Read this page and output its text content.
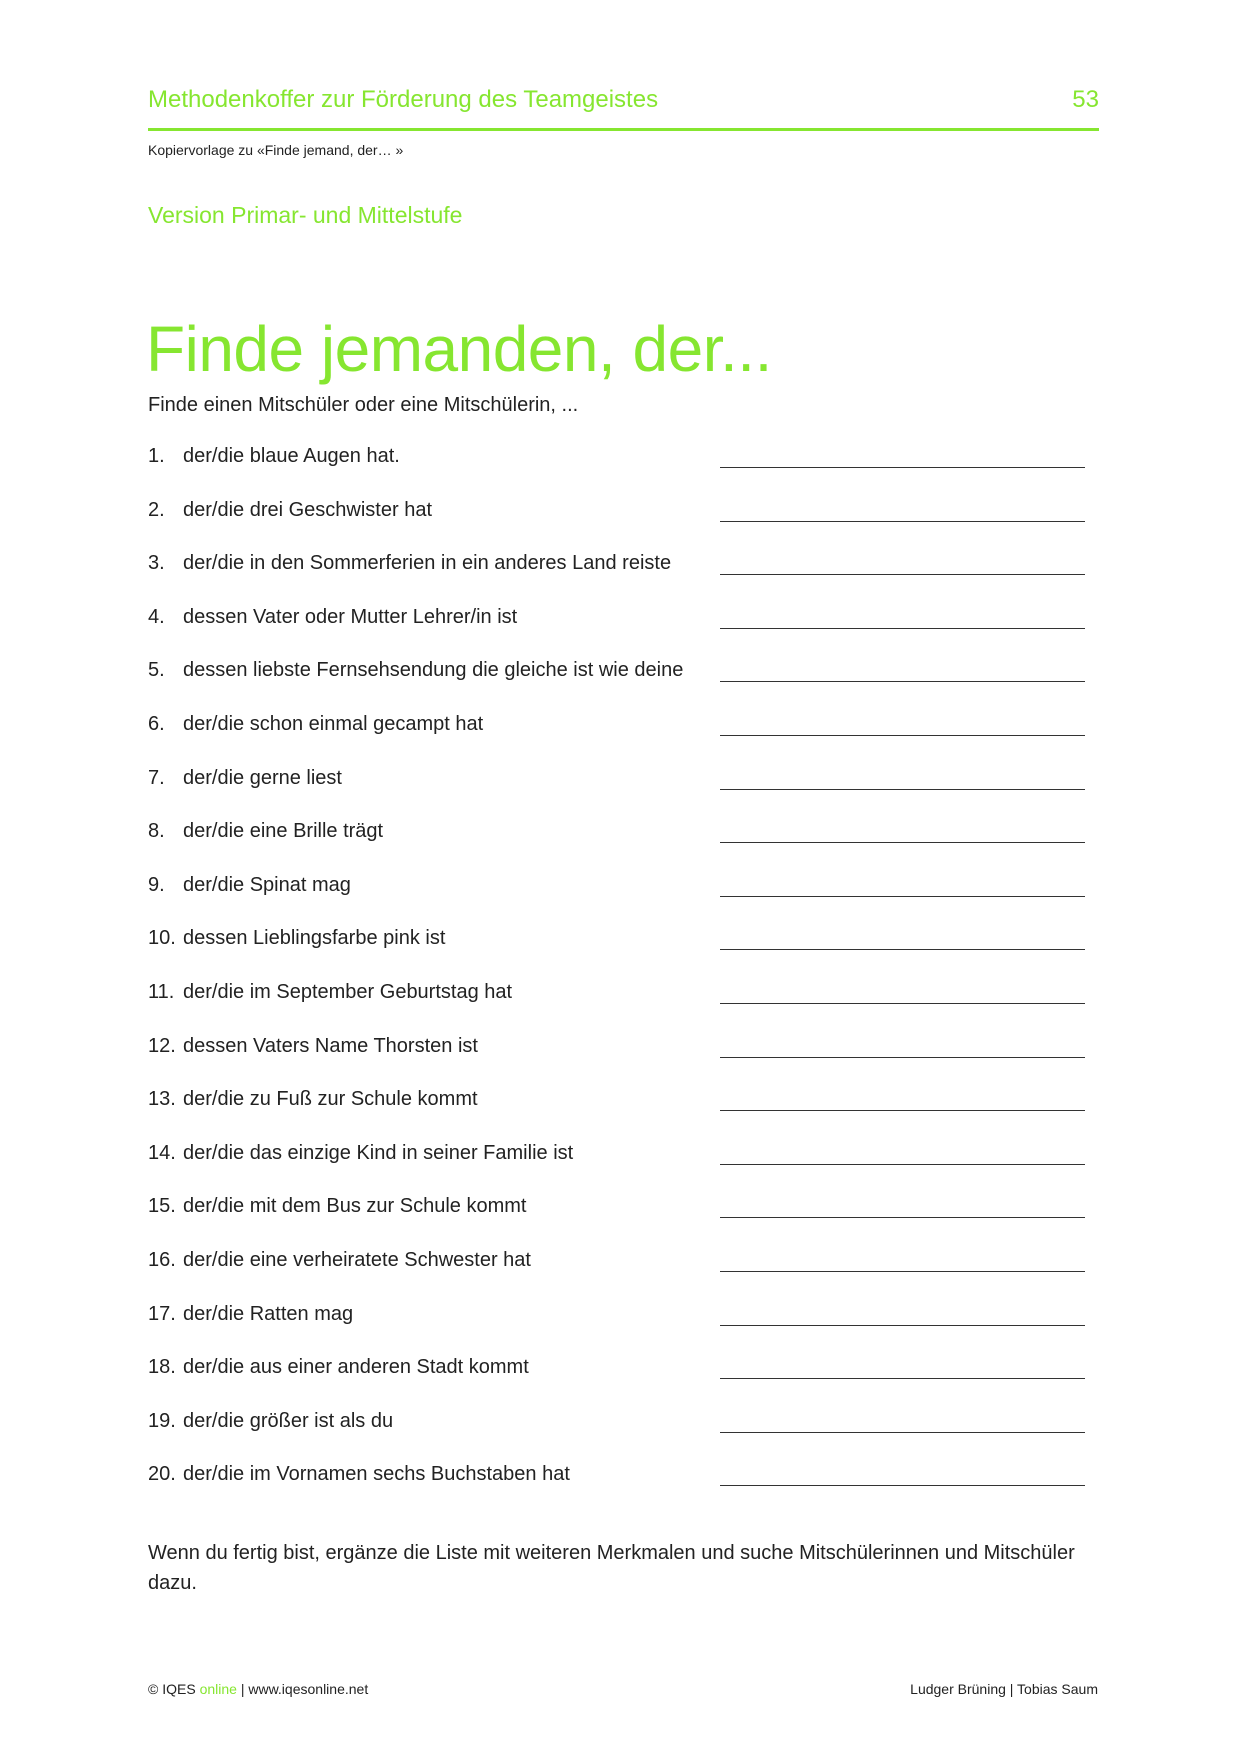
Methodenkoffer zur Förderung des Teamgeistes	53
Kopiervorlage zu «Finde jemand, der… »
Version Primar- und Mittelstufe
Finde jemanden, der...
Finde einen Mitschüler oder eine Mitschülerin, ...
1. der/die blaue Augen hat.
2. der/die drei Geschwister hat
3. der/die in den Sommerferien in ein anderes Land reiste
4. dessen Vater oder Mutter Lehrer/in ist
5. dessen liebste Fernsehsendung die gleiche ist wie deine
6. der/die schon einmal gecampt hat
7. der/die gerne liest
8. der/die eine Brille trägt
9. der/die Spinat mag
10. dessen Lieblingsfarbe pink ist
11. der/die im September Geburtstag hat
12. dessen Vaters Name Thorsten ist
13. der/die zu Fuß zur Schule kommt
14. der/die das einzige Kind in seiner Familie ist
15. der/die mit dem Bus zur Schule kommt
16. der/die eine verheiratete Schwester hat
17. der/die Ratten mag
18. der/die aus einer anderen Stadt kommt
19. der/die größer ist als du
20. der/die im Vornamen sechs Buchstaben hat
Wenn du fertig bist, ergänze die Liste mit weiteren Merkmalen und suche Mitschülerinnen und Mitschüler dazu.
© IQES online | www.iqesonline.net	Ludger Brüning | Tobias Saum
